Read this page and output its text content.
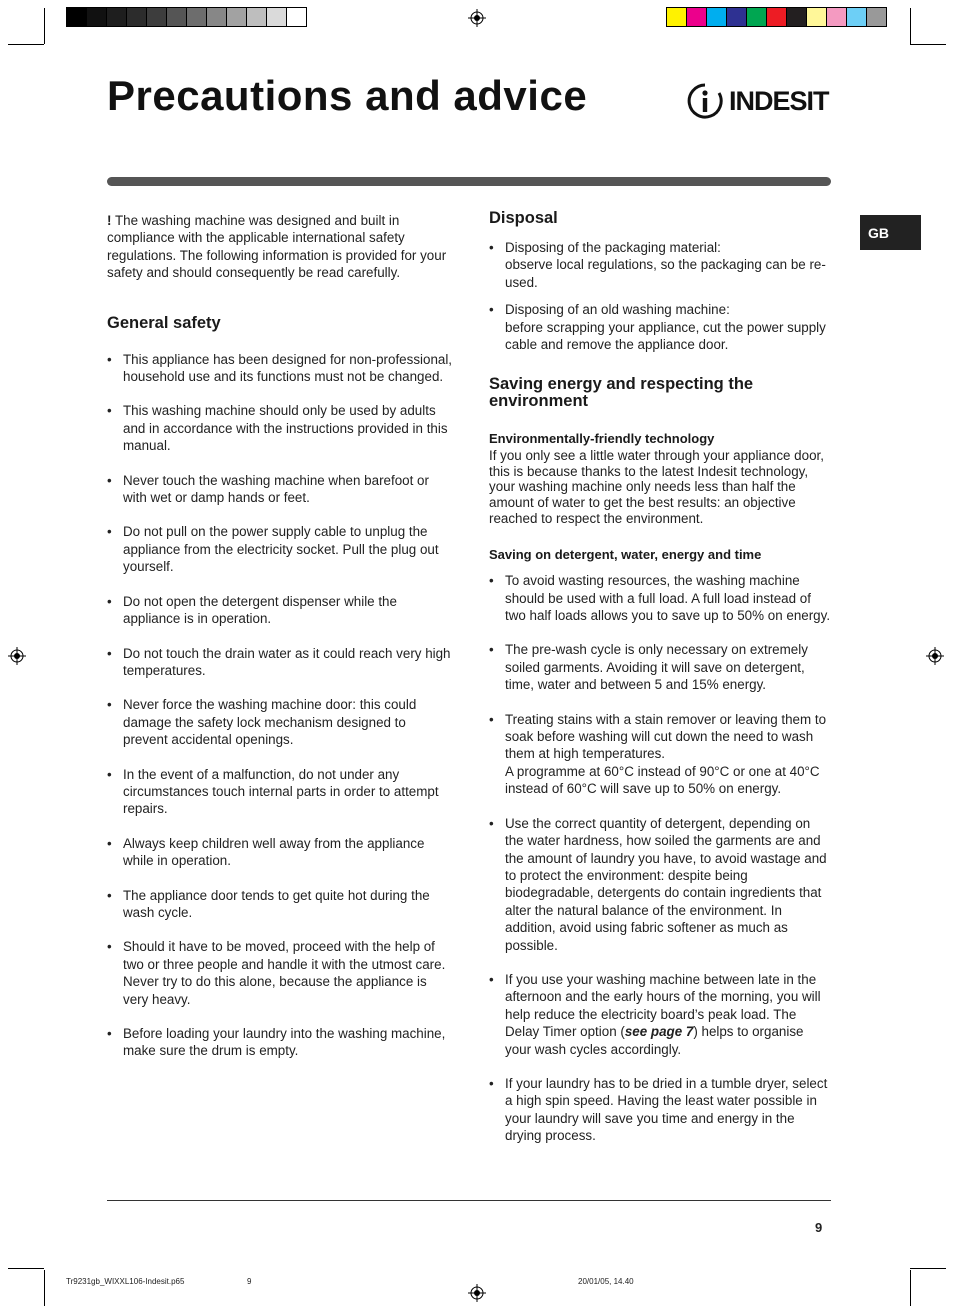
Precautions and advice	INDESIT
GB

! The washing machine was designed and built in compliance with the applicable international safety regulations. The following information is provided for your safety and should consequently be read carefully.

General safety
• This appliance has been designed for non-professional, household use and its functions must not be changed.
• This washing machine should only be used by adults and in accordance with the instructions provided in this manual.
• Never touch the washing machine when barefoot or with wet or damp hands or feet.
• Do not pull on the power supply cable to unplug the appliance from the electricity socket. Pull the plug out yourself.
• Do not open the detergent dispenser while the appliance is in operation.
• Do not touch the drain water as it could reach very high temperatures.
• Never force the washing machine door: this could damage the safety lock mechanism designed to prevent accidental openings.
• In the event of a malfunction, do not under any circumstances touch internal parts in order to attempt repairs.
• Always keep children well away from the appliance while in operation.
• The appliance door tends to get quite hot during the wash cycle.
• Should it have to be moved, proceed with the help of two or three people and handle it with the utmost care. Never try to do this alone, because the appliance is very heavy.
• Before loading your laundry into the washing machine, make sure the drum is empty.
Disposal
• Disposing of the packaging material:
observe local regulations, so the packaging can be re-used.
• Disposing of an old washing machine:
before scrapping your appliance, cut the power supply cable and remove the appliance door.
Saving energy and respecting the environment
Environmentally-friendly technology

If you only see a little water through your appliance door, this is because thanks to the latest Indesit technology, your washing machine only needs less than half the amount of water to get the best results: an objective reached to respect the environment.

Saving on detergent, water, energy and time
• To avoid wasting resources, the washing machine should be used with a full load. A full load instead of two half loads allows you to save up to 50% on energy.
• The pre-wash cycle is only necessary on extremely soiled garments. Avoiding it will save on detergent, time, water and between 5 and 15% energy.
• Treating stains with a stain remover or leaving them to soak before washing will cut down the need to wash them at high temperatures.
A programme at 60°C instead of 90°C or one at 40°C instead of 60°C will save up to 50% on energy.
• Use the correct quantity of detergent, depending on the water hardness, how soiled the garments are and the amount of laundry you have, to avoid wastage and to protect the environment: despite being biodegradable, detergents do contain ingredients that alter the natural balance of the environment. In addition, avoid using fabric softener as much as possible.
• If you use your washing machine between late in the afternoon and the early hours of the morning, you will help reduce the electricity board’s peak load. The Delay Timer option (see page 7) helps to organise your wash cycles accordingly.
• If your laundry has to be dried in a tumble dryer, select a high spin speed. Having the least water possible in your laundry will save you time and energy in the drying process.
9
Tr9231gb_WIXXL106-Indesit.p65	9	20/01/05, 14.40
